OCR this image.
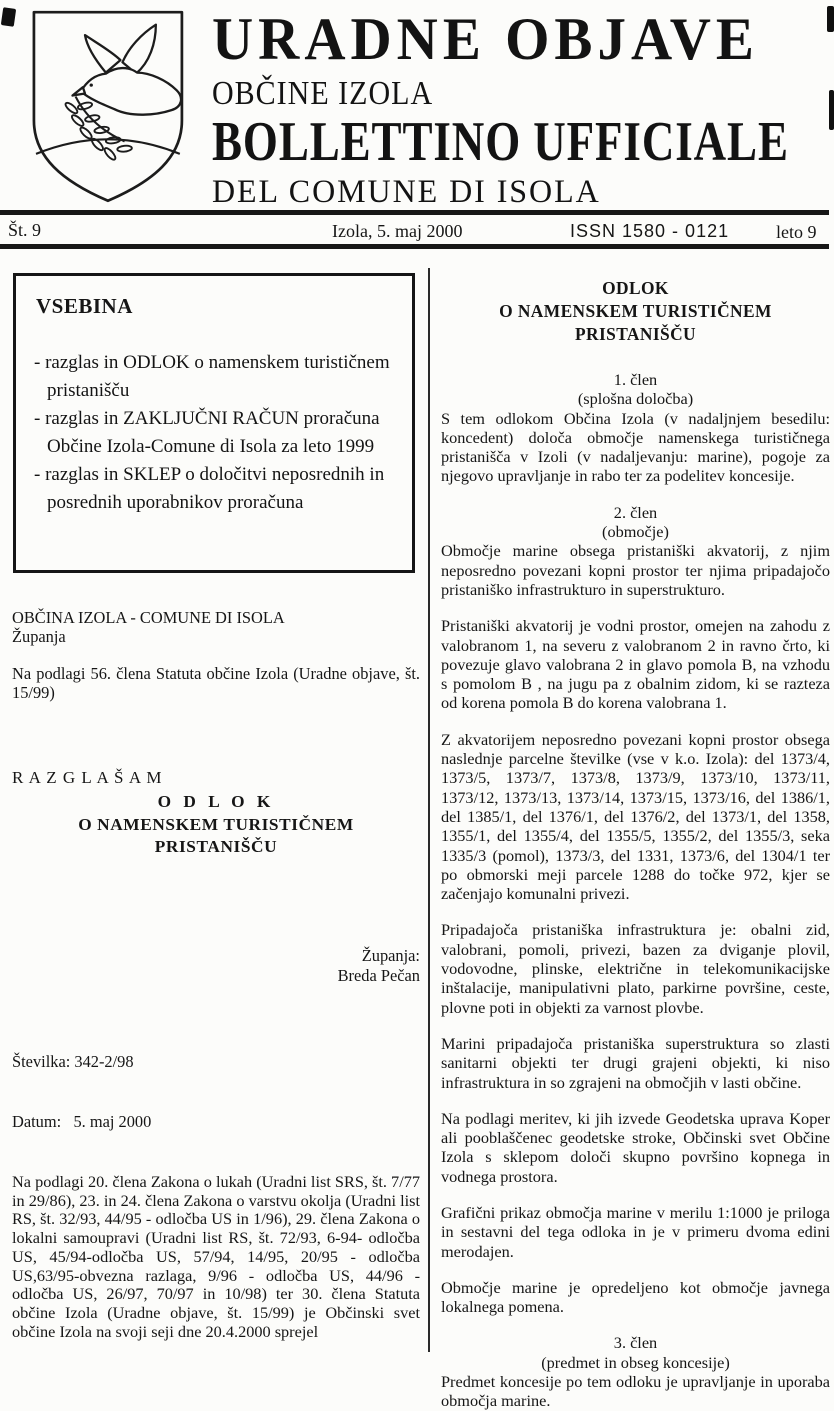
URADNE OBJAVE
OBČINE IZOLA
BOLLETTINO UFFICIALE
DEL COMUNE DI ISOLA
Št. 9	Izola, 5. maj 2000	ISSN 1580 - 0121	leto 9
VSEBINA
- razglas in ODLOK o namenskem turističnem pristanišču
- razglas in ZAKLJUČNI RAČUN proračuna Občine Izola-Comune di Isola za leto 1999
- razglas in SKLEP o določitvi neposrednih in posrednih uporabnikov proračuna
OBČINA IZOLA - COMUNE DI ISOLA
Županja
Na podlagi 56. člena Statuta občine Izola (Uradne objave, št. 15/99)
R A Z G L A Š A M
O D L O K
O NAMENSKEM TURISTIČNEM
PRISTANIŠČU
Županja:
Breda Pečan

Številka: 342-2/98

Datum:   5. maj 2000

Na podlagi 20. člena Zakona o lukah (Uradni list SRS, št. 7/77 in 29/86), 23. in 24. člena Zakona o varstvu okolja (Uradni list RS, št. 32/93, 44/95 - odločba US in 1/96), 29. člena Zakona o lokalni samoupravi (Uradni list RS, št. 72/93, 6-94- odločba US, 45/94-odločba US, 57/94, 14/95, 20/95 - odločba US,63/95-obvezna razlaga, 9/96 - odločba US, 44/96 - odločba US, 26/97, 70/97 in 10/98) ter 30. člena Statuta občine Izola (Uradne objave, št. 15/99) je Občinski svet občine Izola na svoji seji dne 20.4.2000 sprejel
ODLOK
O NAMENSKEM TURISTIČNEM
PRISTANIŠČU
1. člen
(splošna določba)

S tem odlokom Občina Izola (v nadaljnjem besedilu: koncedent) določa območje namenskega turističnega pristanišča v Izoli (v nadaljevanju: marine), pogoje za njegovo upravljanje in rabo ter za podelitev koncesije.

2. člen
(območje)

Območje marine obsega pristaniški akvatorij, z njim neposredno povezani kopni prostor ter njima pripadajočo pristaniško infrastrukturo in superstrukturo.

Pristaniški akvatorij je vodni prostor, omejen na zahodu z valobranom 1, na severu z valobranom 2 in ravno črto, ki povezuje glavo valobrana 2 in glavo pomola B, na vzhodu s pomolom B , na jugu pa z obalnim zidom, ki se razteza od korena pomola B do korena valobrana 1.

Z akvatorijem neposredno povezani kopni prostor obsega naslednje parcelne številke (vse v k.o. Izola): del 1373/4, 1373/5, 1373/7, 1373/8, 1373/9, 1373/10, 1373/11, 1373/12, 1373/13, 1373/14, 1373/15, 1373/16, del 1386/1, del 1385/1, del 1376/1, del 1376/2, del 1373/1, del 1358, 1355/1, del 1355/4, del 1355/5, 1355/2, del 1355/3, seka 1335/3 (pomol), 1373/3, del 1331, 1373/6, del 1304/1 ter po obmorski meji parcele 1288 do točke 972, kjer se začenjajo komunalni privezi.

Pripadajoča pristaniška infrastruktura je: obalni zid, valobrani, pomoli, privezi, bazen za dviganje plovil, vodovodne, plinske, električne in telekomunikacijske inštalacije, manipulativni plato, parkirne površine, ceste, plovne poti in objekti za varnost plovbe.

Marini pripadajoča pristaniška superstruktura so zlasti sanitarni objekti ter drugi grajeni objekti, ki niso infrastruktura in so zgrajeni na območjih v lasti občine.

Na podlagi meritev, ki jih izvede Geodetska uprava Koper ali pooblaščenec geodetske stroke, Občinski svet Občine Izola s sklepom določi skupno površino kopnega in vodnega prostora.

Grafični prikaz območja marine v merilu 1:1000 je priloga in sestavni del tega odloka in je v primeru dvoma edini merodajen.

Območje marine je opredeljeno kot območje javnega lokalnega pomena.

3. člen
(predmet in obseg koncesije)

Predmet koncesije po tem odloku je upravljanje in uporaba območja marine.
